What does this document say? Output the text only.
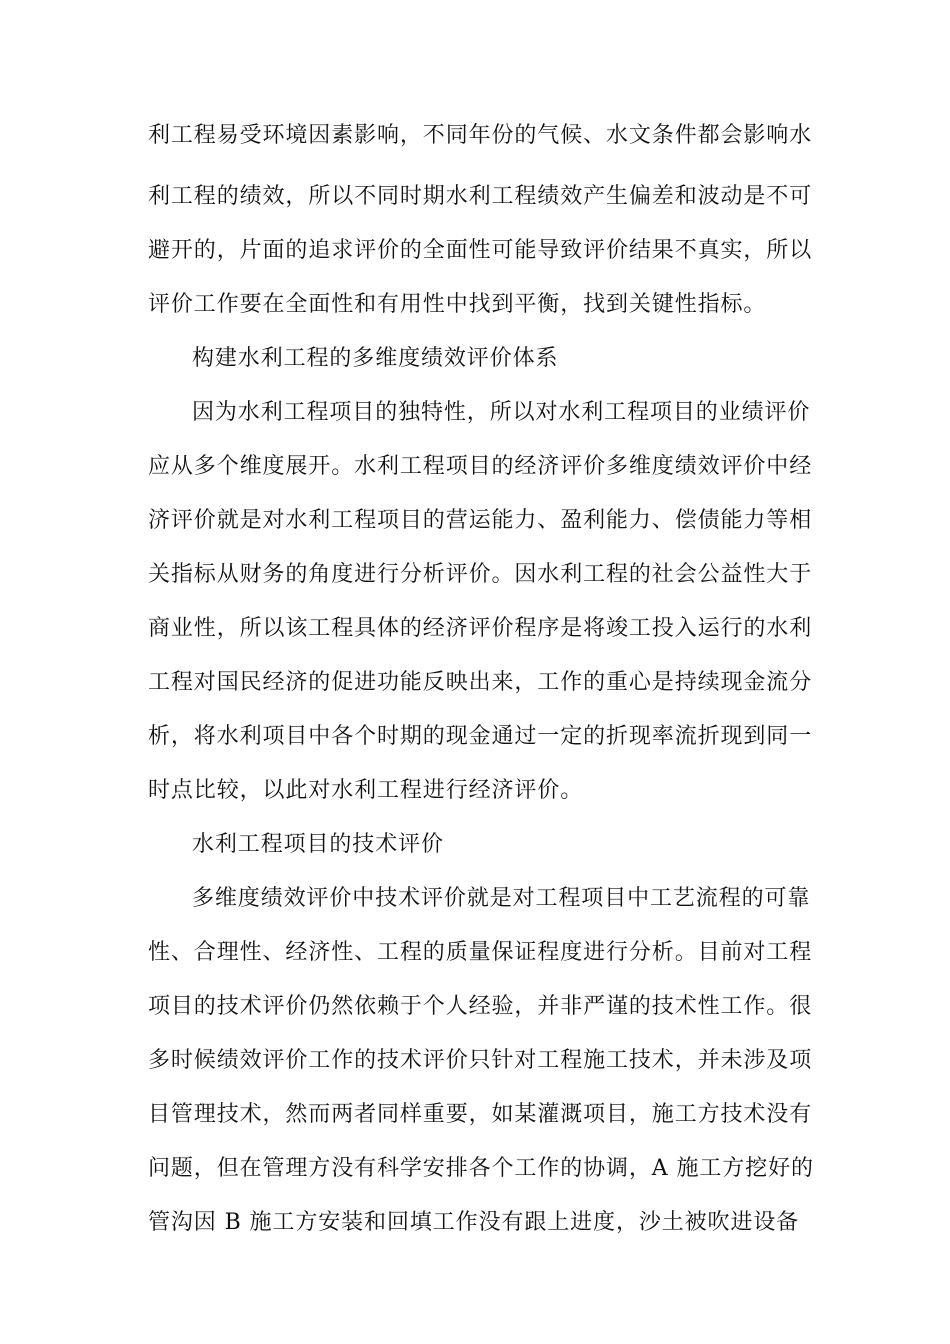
利工程易受环境因素影响，不同年份的气候、水文条件都会影响水
利工程的绩效，所以不同时期水利工程绩效产生偏差和波动是不可
避开的，片面的追求评价的全面性可能导致评价结果不真实，所以
评价工作要在全面性和有用性中找到平衡，找到关键性指标。
构建水利工程的多维度绩效评价体系
因为水利工程项目的独特性，所以对水利工程项目的业绩评价
应从多个维度展开。水利工程项目的经济评价多维度绩效评价中经
济评价就是对水利工程项目的营运能力、盈利能力、偿债能力等相
关指标从财务的角度进行分析评价。因水利工程的社会公益性大于
商业性，所以该工程具体的经济评价程序是将竣工投入运行的水利
工程对国民经济的促进功能反映出来，工作的重心是持续现金流分
析，将水利项目中各个时期的现金通过一定的折现率流折现到同一
时点比较，以此对水利工程进行经济评价。
水利工程项目的技术评价
多维度绩效评价中技术评价就是对工程项目中工艺流程的可靠
性、合理性、经济性、工程的质量保证程度进行分析。目前对工程
项目的技术评价仍然依赖于个人经验，并非严谨的技术性工作。很
多时候绩效评价工作的技术评价只针对工程施工技术，并未涉及项
目管理技术，然而两者同样重要，如某灌溉项目，施工方技术没有
问题，但在管理方没有科学安排各个工作的协调，A 施工方挖好的
管沟因 B 施工方安装和回填工作没有跟上进度，沙土被吹进设备
